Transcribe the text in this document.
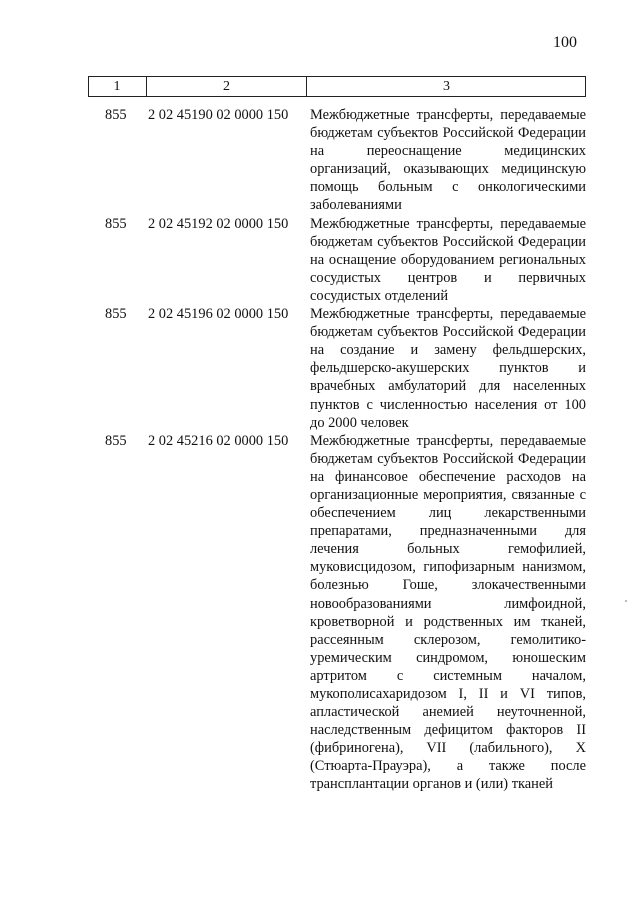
100
1	2	3
855	2 02 45190 02 0000 150	Межбюджетные трансферты, передаваемые бюджетам субъектов Российской Федерации на переоснащение медицинских организаций, оказывающих медицинскую помощь больным с онкологическими заболеваниями
855	2 02 45192 02 0000 150	Межбюджетные трансферты, передаваемые бюджетам субъектов Российской Федерации на оснащение оборудованием региональных сосудистых центров и первичных сосудистых отделений
855	2 02 45196 02 0000 150	Межбюджетные трансферты, передаваемые бюджетам субъектов Российской Федерации на создание и замену фельдшерских, фельдшерско-акушерских пунктов и врачебных амбулаторий для населенных пунктов с численностью населения от 100 до 2000 человек
855	2 02 45216 02 0000 150	Межбюджетные трансферты, передаваемые бюджетам субъектов Российской Федерации на финансовое обеспечение расходов на организационные мероприятия, связанные с обеспечением лиц лекарственными препаратами, предназначенными для лечения больных гемофилией, муковисцидозом, гипофизарным нанизмом, болезнью Гоше, злокачественными новообразованиями лимфоидной, кроветворной и родственных им тканей, рассеянным склерозом, гемолитико-уремическим синдромом, юношеским артритом с системным началом, мукополисахаридозом I, II и VI типов, апластической анемией неуточненной, наследственным дефицитом факторов II (фибриногена), VII (лабильного), X (Стюарта-Прауэра), а также после трансплантации органов и (или) тканей
